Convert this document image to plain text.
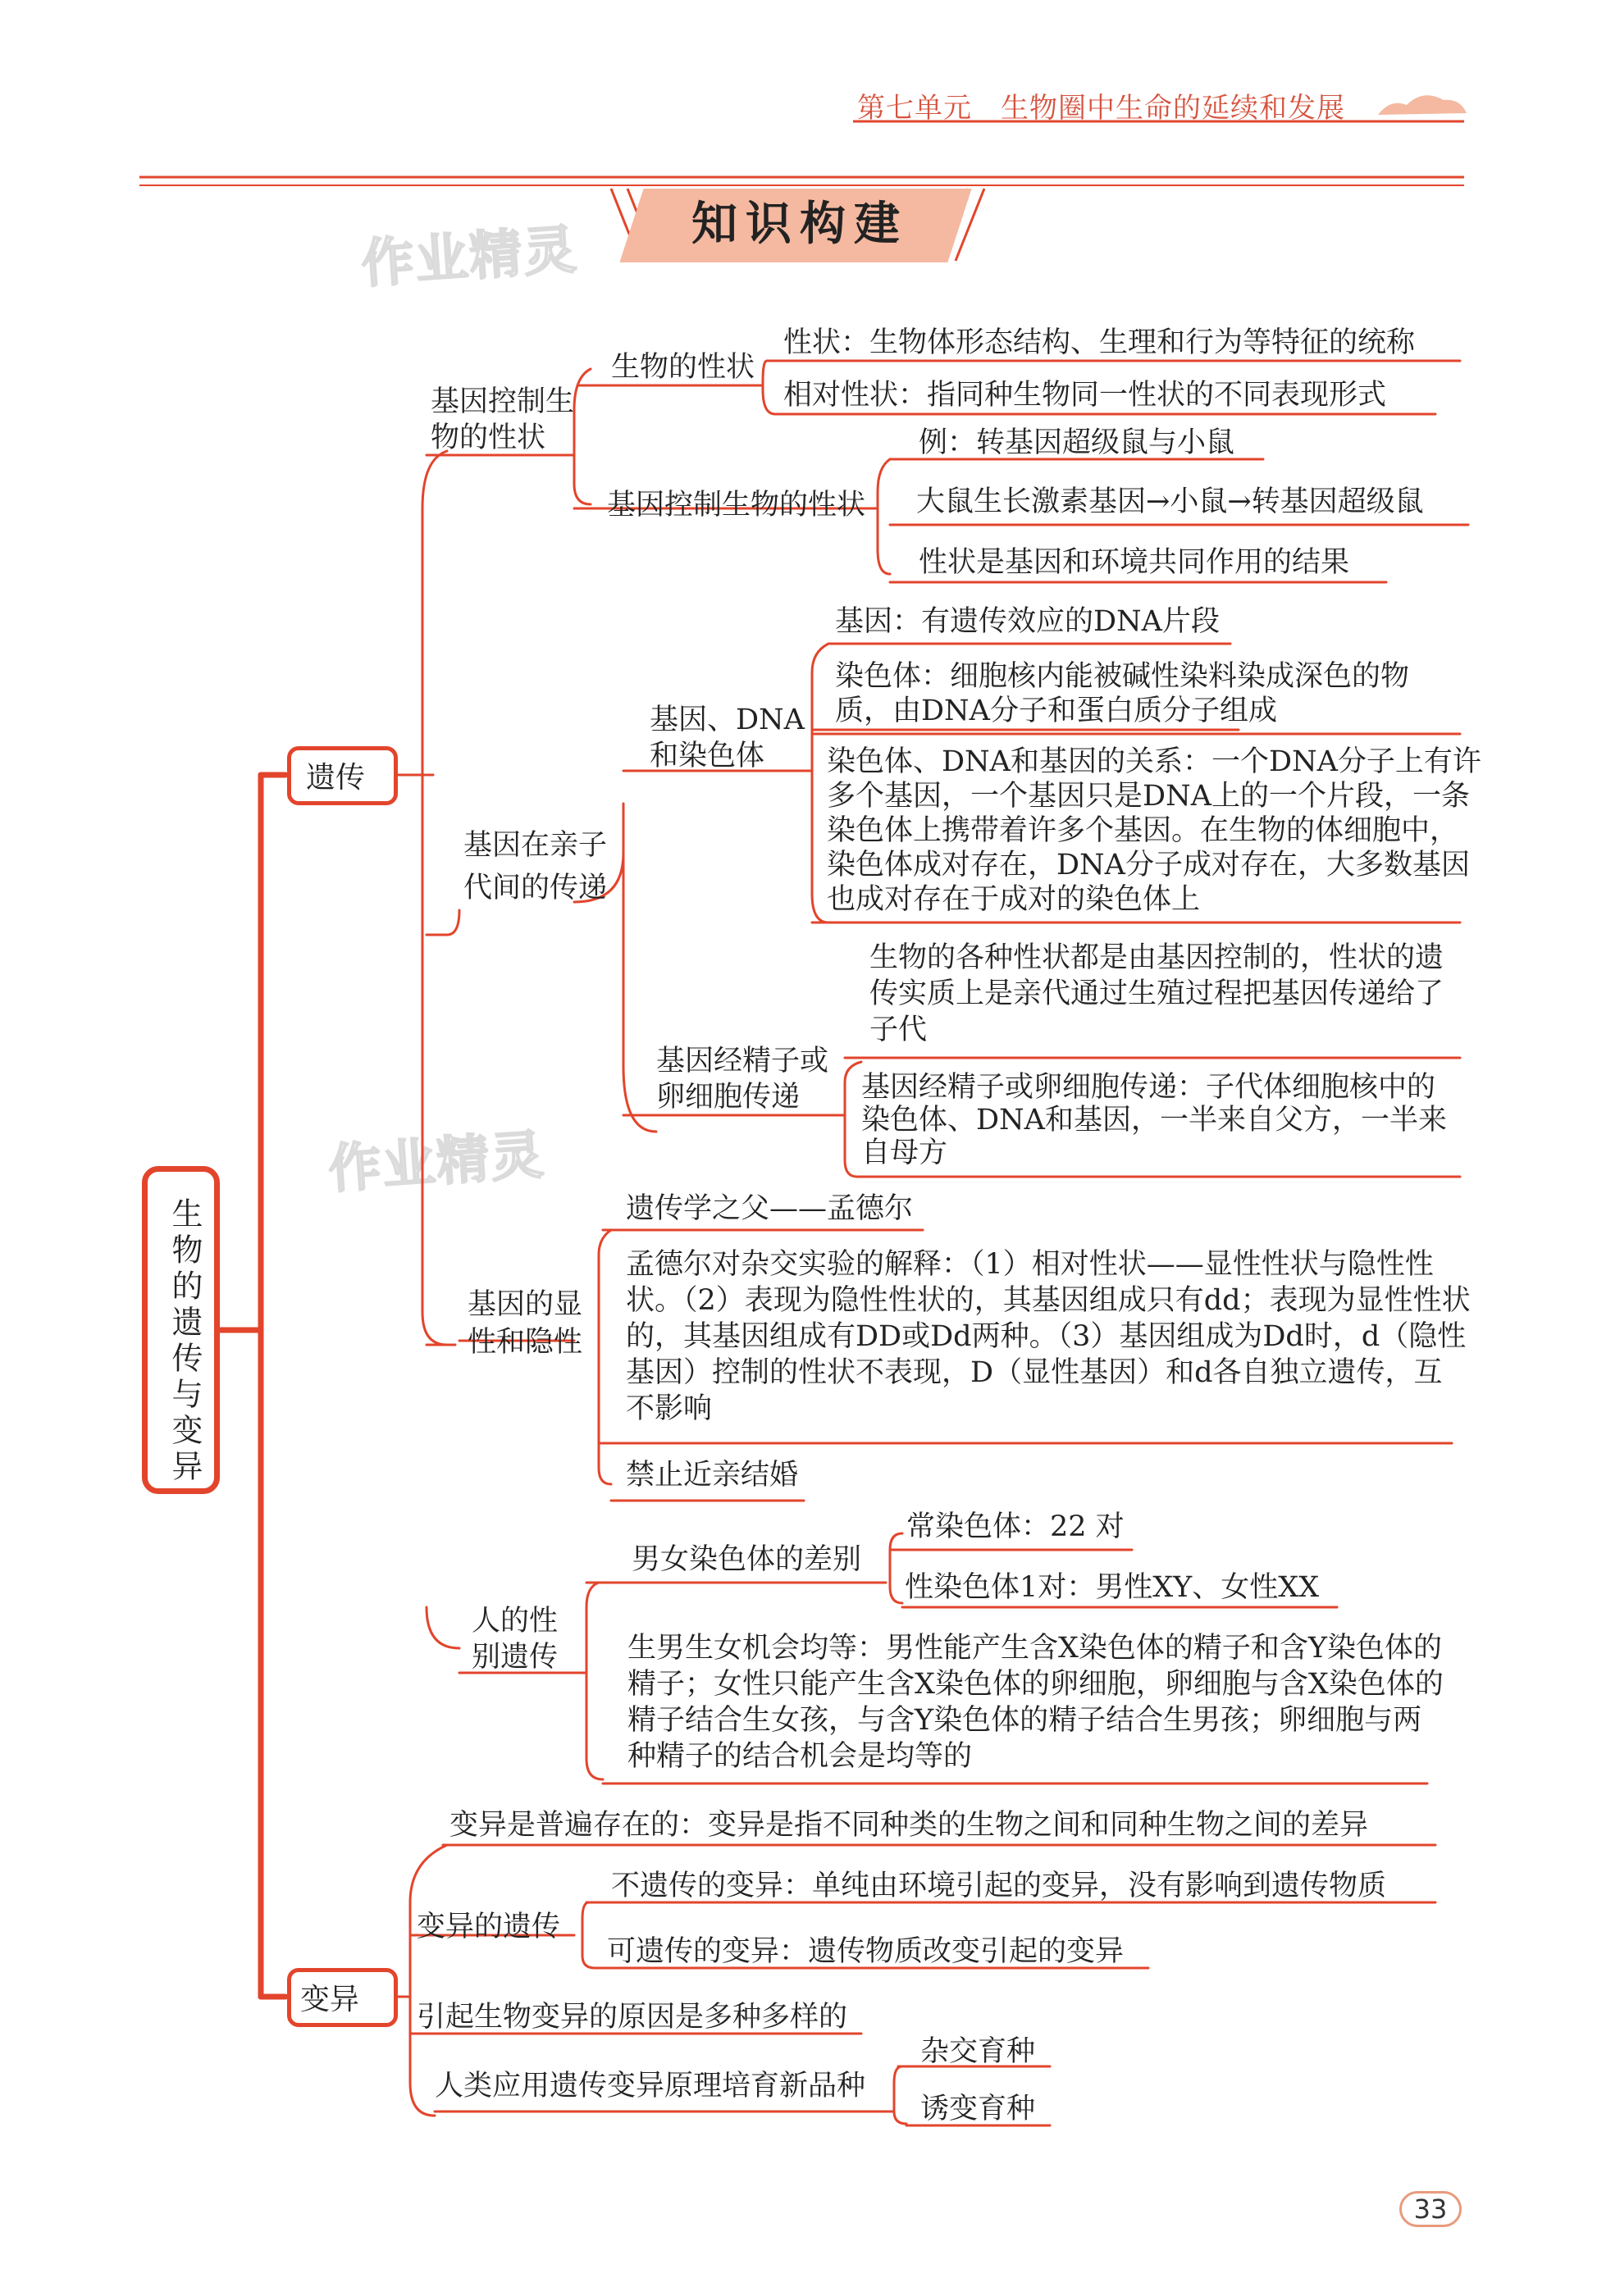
第七单元　生物圈中生命的延续和发展
知识构建
作业精灵
作业精灵
生物的遗传与变异
遗传
变异
基因控制生物的性状
生物的性状
性状：生物体形态结构、生理和行为等特征的统称
相对性状：指同种生物同一性状的不同表现形式
基因控制生物的性状
例：转基因超级鼠与小鼠
大鼠生长激素基因→小鼠→转基因超级鼠
性状是基因和环境共同作用的结果
基因在亲子代间的传递
基因、DNA和染色体
基因：有遗传效应的DNA片段
染色体：细胞核内能被碱性染料染成深色的物质，由DNA分子和蛋白质分子组成
染色体、DNA和基因的关系：一个DNA分子上有许多个基因，一个基因只是DNA上的一个片段，一条染色体上携带着许多个基因。在生物的体细胞中，染色体成对存在，DNA分子成对存在，大多数基因也成对存在于成对的染色体上
基因经精子或卵细胞传递
生物的各种性状都是由基因控制的，性状的遗传实质上是亲代通过生殖过程把基因传递给了子代
基因经精子或卵细胞传递：子代体细胞核中的染色体、DNA和基因，一半来自父方，一半来自母方
基因的显性和隐性
遗传学之父——孟德尔
孟德尔对杂交实验的解释：（1）相对性状——显性性状与隐性性状。（2）表现为隐性性状的，其基因组成只有dd；表现为显性性状的，其基因组成有DD或Dd两种。（3）基因组成为Dd时，d（隐性基因）控制的性状不表现，D（显性基因）和d各自独立遗传，互不影响
禁止近亲结婚
人的性别遗传
男女染色体的差别
常染色体：22 对
性染色体1对：男性XY、女性XX
生男生女机会均等：男性能产生含X染色体的精子和含Y染色体的精子；女性只能产生含X染色体的卵细胞，卵细胞与含X染色体的精子结合生女孩，与含Y染色体的精子结合生男孩；卵细胞与两种精子的结合机会是均等的
变异是普遍存在的：变异是指不同种类的生物之间和同种生物之间的差异
变异的遗传
不遗传的变异：单纯由环境引起的变异，没有影响到遗传物质
可遗传的变异：遗传物质改变引起的变异
引起生物变异的原因是多种多样的
人类应用遗传变异原理培育新品种
杂交育种
诱变育种
33
